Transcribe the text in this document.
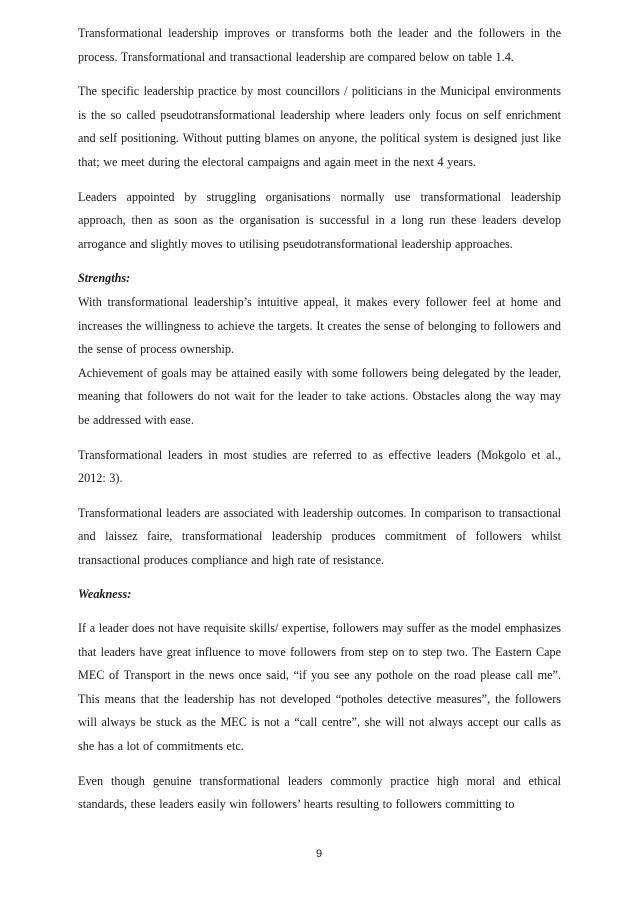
Transformational leadership improves or transforms both the leader and the followers in the process. Transformational and transactional leadership are compared below on table 1.4.

The specific leadership practice by most councillors / politicians in the Municipal environments is the so called pseudotransformational leadership where leaders only focus on self enrichment and self positioning. Without putting blames on anyone, the political system is designed just like that; we meet during the electoral campaigns and again meet in the next 4 years.

Leaders appointed by struggling organisations normally use transformational leadership approach, then as soon as the organisation is successful in a long run these leaders develop arrogance and slightly moves to utilising pseudotransformational leadership approaches.

Strengths:

With transformational leadership’s intuitive appeal, it makes every follower feel at home and increases the willingness to achieve the targets. It creates the sense of belonging to followers and the sense of process ownership.

Achievement of goals may be attained easily with some followers being delegated by the leader, meaning that followers do not wait for the leader to take actions. Obstacles along the way may be addressed with ease.

Transformational leaders in most studies are referred to as effective leaders (Mokgolo et al., 2012: 3).

Transformational leaders are associated with leadership outcomes. In comparison to transactional and laissez faire, transformational leadership produces commitment of followers whilst transactional produces compliance and high rate of resistance.

Weakness:

If a leader does not have requisite skills/ expertise, followers may suffer as the model emphasizes that leaders have great influence to move followers from step on to step two. The Eastern Cape MEC of Transport in the news once said, “if you see any pothole on the road please call me”. This means that the leadership has not developed “potholes detective measures”, the followers will always be stuck as the MEC is not a “call centre”, she will not always accept our calls as she has a lot of commitments etc.

Even though genuine transformational leaders commonly practice high moral and ethical standards, these leaders easily win followers’ hearts resulting to followers committing to

9
